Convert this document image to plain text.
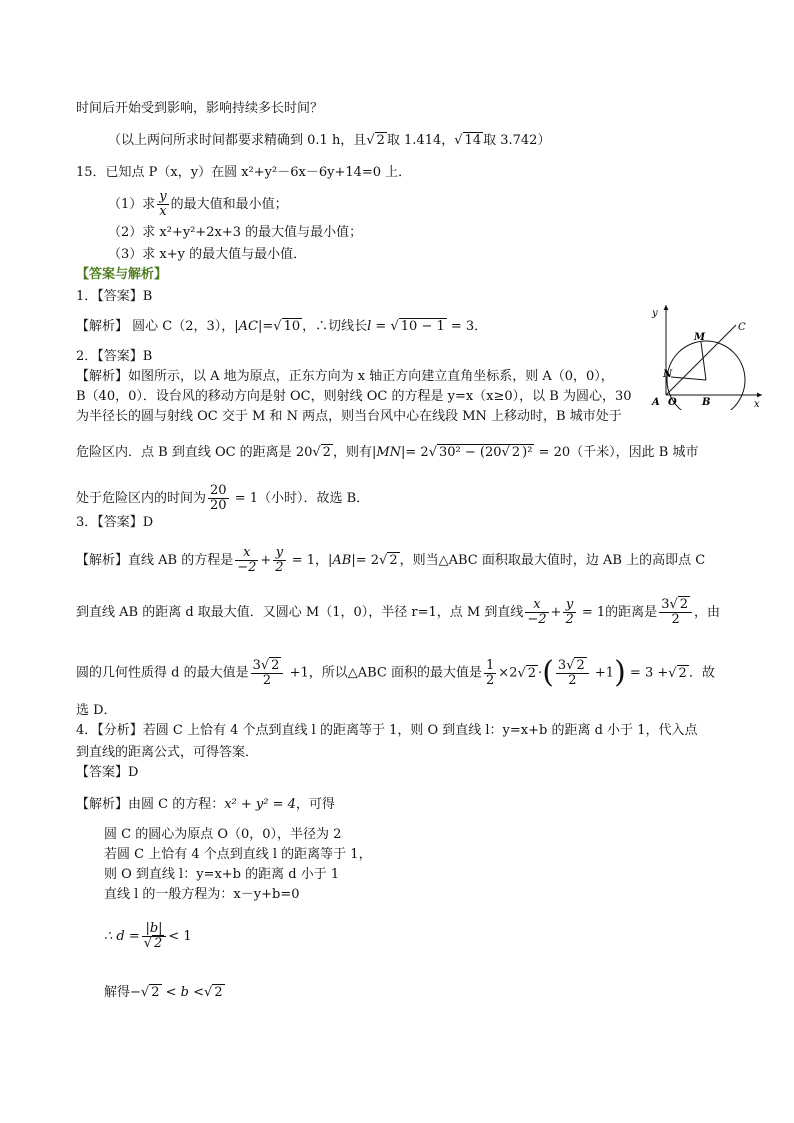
时间后开始受到影响，影响持续多长时间？
（以上两问所求时间都要求精确到 0.1 h，且√ 2 取 1.414，√ 14 取 3.742）
15．已知点 P（x，y）在圆 x²+y²－6x－6y+14=0 上．
（1）求 $\frac{y}{x}$ 的最大值和最小值；
（2）求 x²+y²+2x+3 的最大值与最小值；
（3）求 x+y 的最大值与最小值．
【答案与解析】
1．【答案】B
【解析】 圆心 C（2，3），|AC|=√ 10 ，∴切线长l = √ 10 − 1 = 3．
y
x
A O	B
M
N
C
2．【答案】B
【解析】如图所示，以 A 地为原点，正东方向为 x 轴正方向建立直角坐标系，则 A（0，0），
B（40，0）．设台风的移动方向是射 OC，则射线 OC 的方程是 y=x（x≥0），以 B 为圆心，30
为半径长的圆与射线 OC 交于 M 和 N 两点，则当台风中心在线段 MN 上移动时，B 城市处于
危险区内．点 B 到直线 OC 的距离是 20√ 2 ，则有|MN|= 2√ 30² − (20√ 2 )² = 20（千米），因此 B 城市
处于危险区内的时间为 $\frac{20}{20} = 1$（小时）．故选 B．
3．【答案】D
【解析】直线 AB 的方程是 $\frac{x}{-2} + \frac{y}{2} = 1$，|AB|= 2√ 2 ，则当△ABC 面积取最大值时，边 AB 上的高即点 C
到直线 AB 的距离 d 取最大值．又圆心 M（1，0），半径 r=1，点 M 到直线 $\frac{x}{-2} + \frac{y}{2} = 1$的距离是 $\frac{3√ 2}{2}$ ，由
圆的几何性质得 d 的最大值是 $\frac{3√ 2}{2} +1$，所以△ABC 面积的最大值是 $\frac{1}{2} \times 2√$ 2 ·( $\frac{3√ 2}{2} +1) = 3$ +√ 2 ．故
选 D．
4．【分析】若圆 C 上恰有 4 个点到直线 l 的距离等于 1，则 O 到直线 l：y=x+b 的距离 d 小于 1，代入点
到直线的距离公式，可得答案．
【答案】D
【解析】由圆 C 的方程：x² + y² = 4，可得
圆 C 的圆心为原点 O（0，0），半径为 2
若圆 C 上恰有 4 个点到直线 l 的距离等于 1，
则 O 到直线 l：y=x+b 的距离 d 小于 1
直线 l 的一般方程为：x－y+b=0
∴ $d = \frac{|b|}{√ 2} < 1$
解得−√ 2 < b <√ 2
